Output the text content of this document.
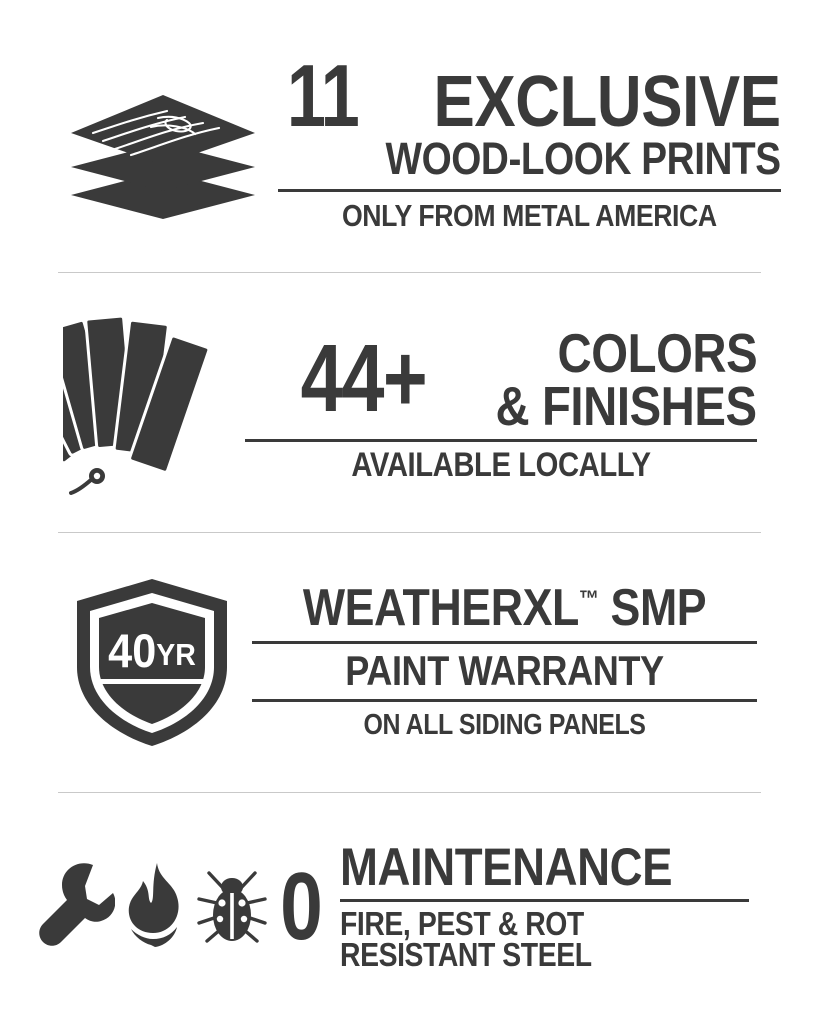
11 EXCLUSIVE
WOOD-LOOK PRINTS
ONLY FROM METAL AMERICA
44+ COLORS
& FINISHES
AVAILABLE LOCALLY
40YR
WEATHERXL™ SMP
PAINT WARRANTY
ON ALL SIDING PANELS
0 MAINTENANCE
FIRE, PEST & ROT
RESISTANT STEEL
